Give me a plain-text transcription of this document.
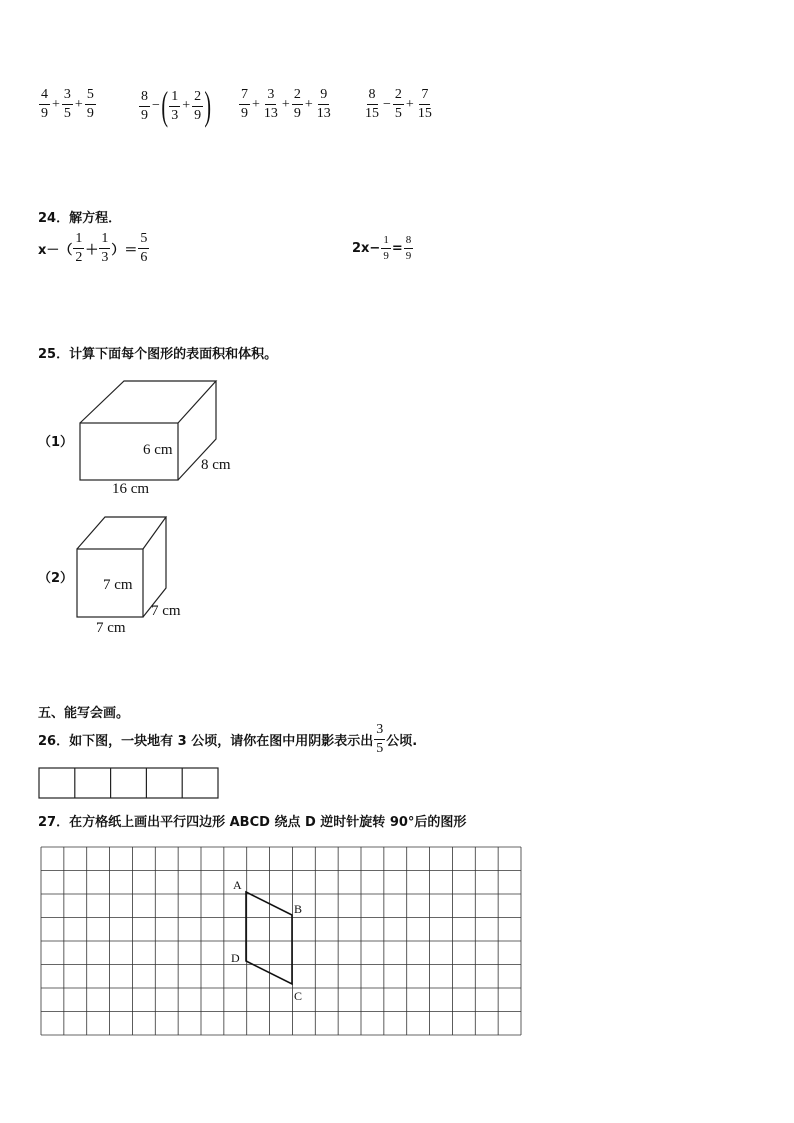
$\frac{4}{9} + \frac{3}{5} + \frac{5}{9}$	$\frac{8}{9}$ − ( $\frac{1}{3} + \frac{2}{9}$ ) $\frac{7}{9} + \frac{3}{13} + \frac{2}{9} + \frac{9}{13} \frac{8}{15} - \frac{2}{5} + \frac{7}{15}$
24．解方程．
$x-( \frac{1}{2} + \frac{1}{3}$ ）＝ $\frac{5}{6}$	$2x- \frac{1}{9} = \frac{8}{9}$
25．计算下面每个图形的表面积和体积。
（1）	6 cm
8 cm
16 cm
（2） 7 cm
7 cm
7 cm
五、能写会画。
26．如下图，一块地有 3 公顷，请你在图中用阴影表示出 $\frac{3}{5}$ 公顷.
27．在方格纸上画出平行四边形 ABCD 绕点 D 逆时针旋转 90°后的图形
A
B
C
D
